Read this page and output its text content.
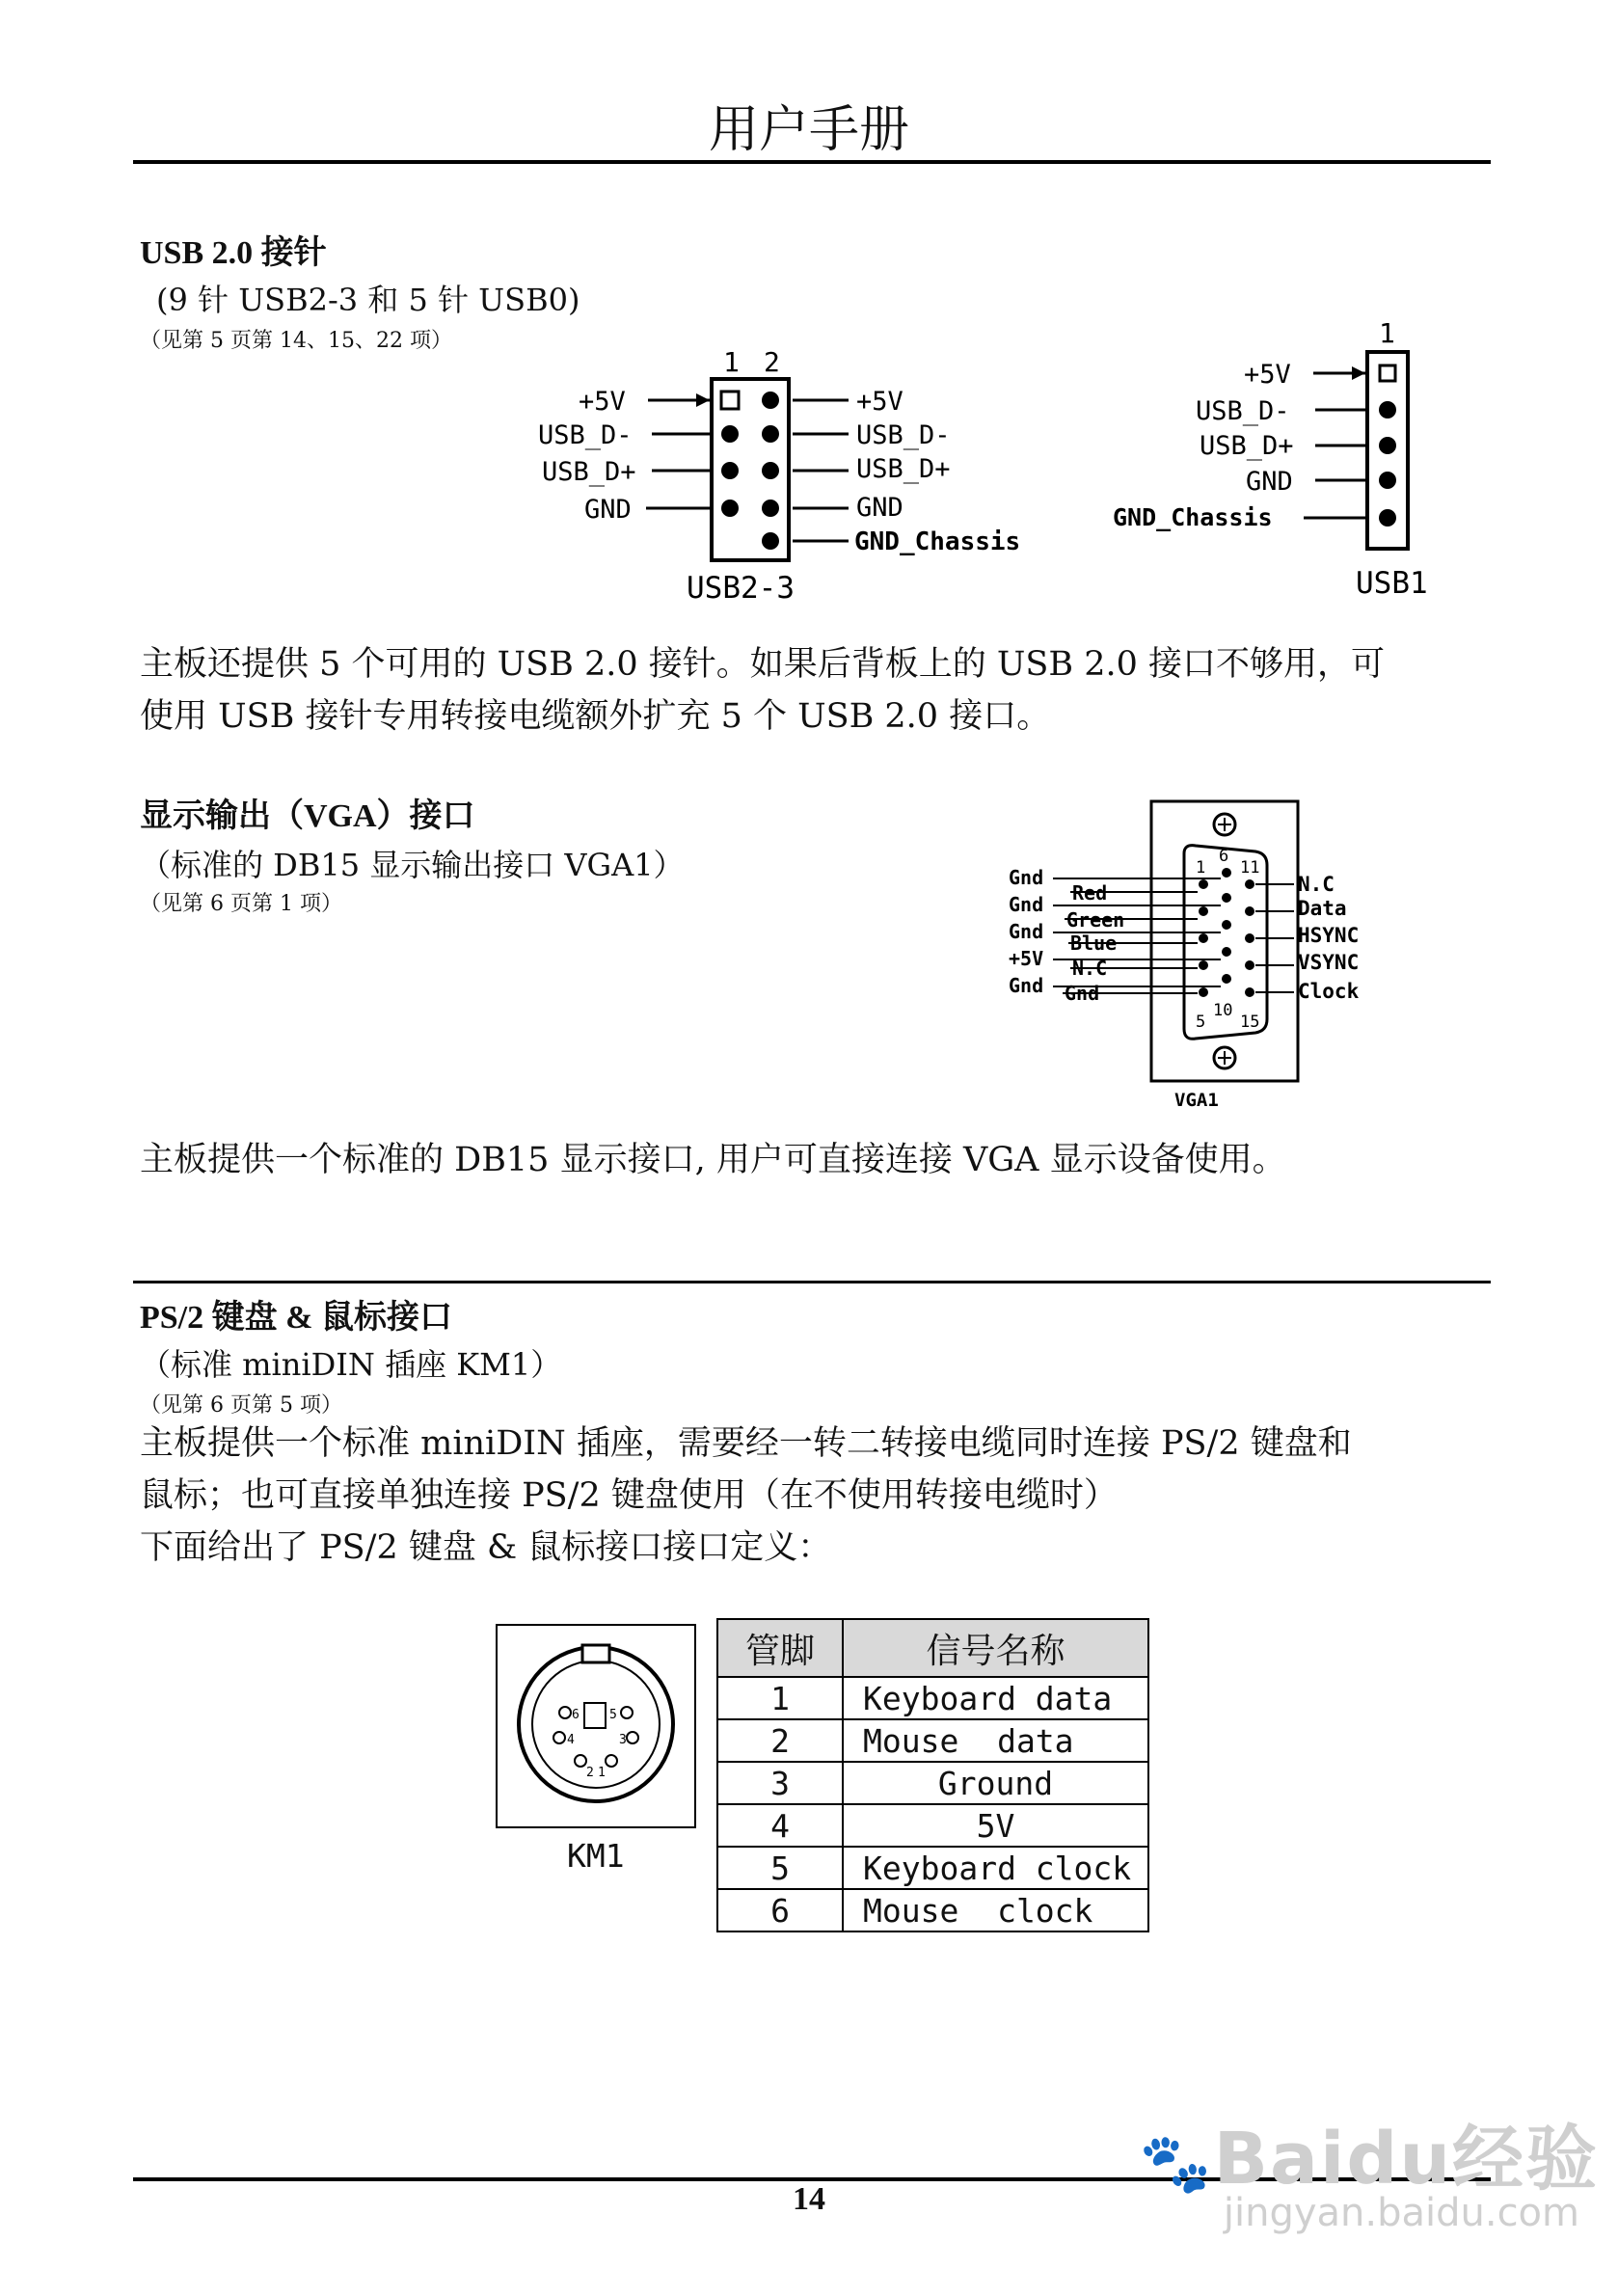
用户手册
USB 2.0 接针
(9 针 USB2-3 和 5 针 USB0)
（见第 5 页第 14、15、22 项）
1 2
+5V
USB_D-
USB_D+
GND
+5V
USB_D-
USB_D+
GND
GND_Chassis
USB2-3
1
+5V
USB_D-
USB_D+
GND
GND_Chassis
USB1
主板还提供 5 个可用的 USB 2.0 接针。如果后背板上的 USB 2.0 接口不够用，可
使用 USB 接针专用转接电缆额外扩充 5 个 USB 2.0 接口。
显示输出（VGA）接口
（标准的 DB15 显示输出接口 VGA1）
（见第 6 页第 1 项）
1
6
11
5
10
15
Gnd
Gnd
Gnd
+5V
Gnd
Red
Green
Blue
N.C
Gnd
N.C
Data
HSYNC
VSYNC
Clock
VGA1
主板提供一个标准的 DB15 显示接口, 用户可直接连接 VGA 显示设备使用。
PS/2 键盘 & 鼠标接口
（标准 miniDIN 插座 KM1）
（见第 6 页第 5 项）
主板提供一个标准 miniDIN 插座，需要经一转二转接电缆同时连接 PS/2 键盘和
鼠标；也可直接单独连接 PS/2 键盘使用（在不使用转接电缆时）
下面给出了 PS/2 键盘 & 鼠标接口接口定义：
6 5
4	3
2 1
KM1
管脚	信号名称
1	Keyboard data
2	Mouse  data
3	Ground
4	5V
5	Keyboard clock
6	Mouse  clock
14
🐾Baidu经验
jingyan.baidu.com
